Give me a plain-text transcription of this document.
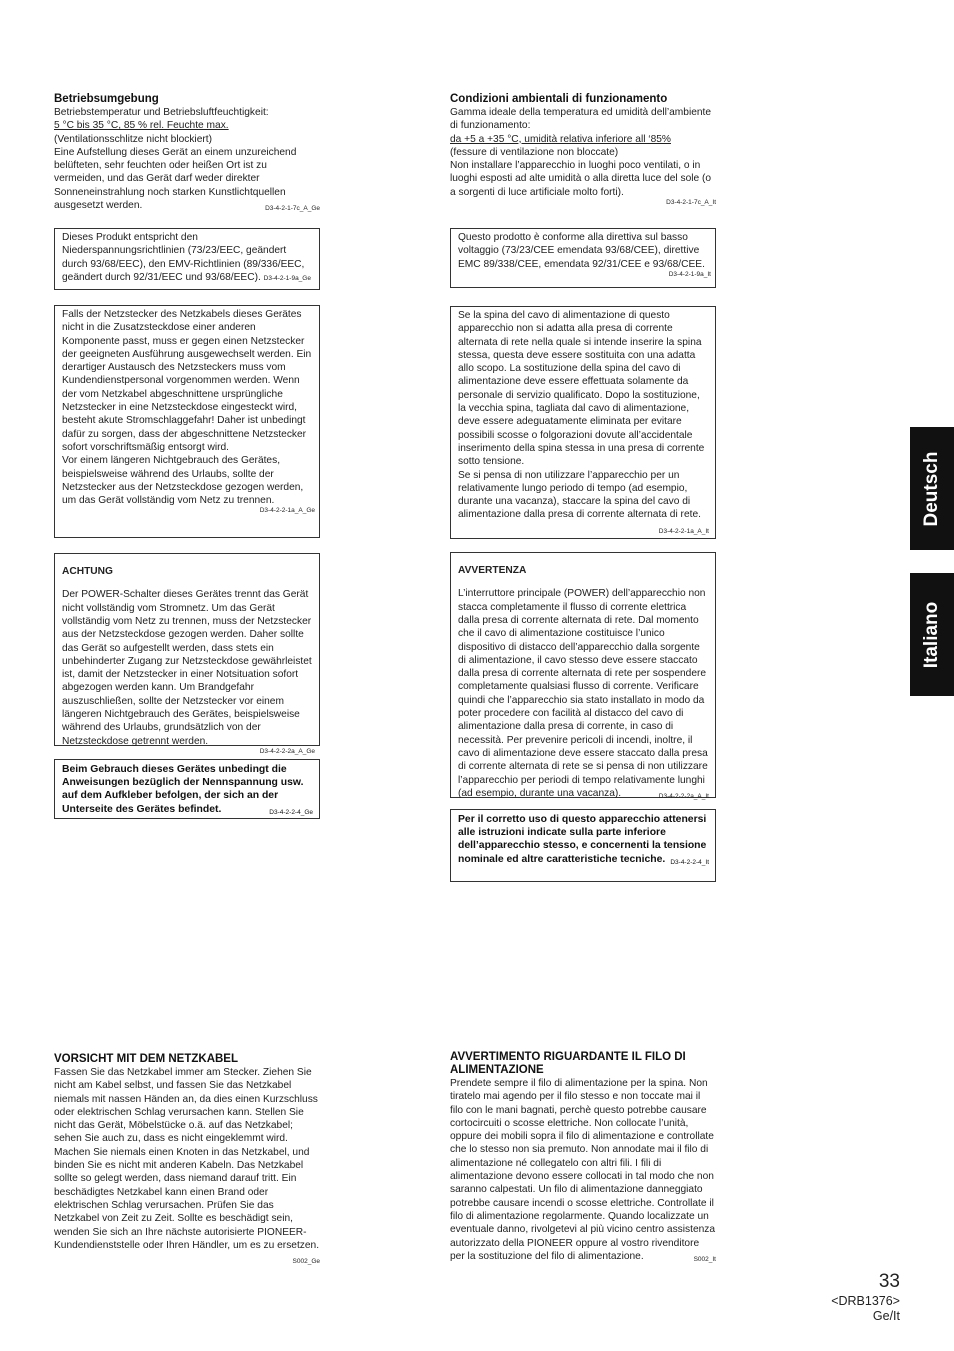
Betriebsumgebung

Betriebstemperatur und Betriebsluftfeuchtigkeit:

5 °C bis 35 °C, 85 % rel. Feuchte max.

(Ventilationsschlitze nicht blockiert)

Eine Aufstellung dieses Gerät an einem unzureichend belüfteten, sehr feuchten oder heißen Ort ist zu vermeiden, und das Gerät darf weder direkter Sonneneinstrahlung noch starken Kunstlichtquellen ausgesetzt werden.	D3-4-2-1-7c_A_Ge

Dieses Produkt entspricht den Niederspannungsrichtlinien (73/23/EEC, geändert durch 93/68/EEC), den EMV-Richtlinien (89/336/EEC, geändert durch 92/31/EEC und 93/68/EEC). D3-4-2-1-9a_Ge

Falls der Netzstecker des Netzkabels dieses Gerätes nicht in die Zusatzsteckdose einer anderen Komponente passt, muss er gegen einen Netzstecker der geeigneten Ausführung ausgewechselt werden. Ein derartiger Austausch des Netzsteckers muss vom Kundendienstpersonal vorgenommen werden. Wenn der vom Netzkabel abgeschnittene ursprüngliche Netzstecker in eine Netzsteckdose eingesteckt wird, besteht akute Stromschlaggefahr! Daher ist unbedingt dafür zu sorgen, dass der abgeschnittene Netzstecker sofort vorschriftsmäßig entsorgt wird.

Vor einem längeren Nichtgebrauch des Gerätes, beispielsweise während des Urlaubs, sollte der Netzstecker aus der Netzsteckdose gezogen werden, um das Gerät vollständig vom Netz zu trennen.

D3-4-2-2-1a_A_Ge

ACHTUNG

Der POWER-Schalter dieses Gerätes trennt das Gerät nicht vollständig vom Stromnetz. Um das Gerät vollständig vom Netz zu trennen, muss der Netzstecker aus der Netzsteckdose gezogen werden. Daher sollte das Gerät so aufgestellt werden, dass stets ein unbehinderter Zugang zur Netzsteckdose gewährleistet ist, damit der Netzstecker in einer Notsituation sofort abgezogen werden kann. Um Brandgefahr auszuschließen, sollte der Netzstecker vor einem längeren Nichtgebrauch des Gerätes, beispielsweise während des Urlaubs, grundsätzlich von der Netzsteckdose getrennt werden.

D3-4-2-2-2a_A_Ge

Beim Gebrauch dieses Gerätes unbedingt die Anweisungen bezüglich der Nennspannung usw. auf dem Aufkleber befolgen, der sich an der Unterseite des Gerätes befindet.	D3-4-2-2-4_Ge

VORSICHT MIT DEM NETZKABEL

Fassen Sie das Netzkabel immer am Stecker. Ziehen Sie nicht am Kabel selbst, und fassen Sie das Netzkabel niemals mit nassen Händen an, da dies einen Kurzschluss oder elektrischen Schlag verursachen kann. Stellen Sie nicht das Gerät, Möbelstücke o.ä. auf das Netzkabel; sehen Sie auch zu, dass es nicht eingeklemmt wird. Machen Sie niemals einen Knoten in das Netzkabel, und binden Sie es nicht mit anderen Kabeln. Das Netzkabel sollte so gelegt werden, dass niemand darauf tritt. Ein beschädigtes Netzkabel kann einen Brand oder elektrischen Schlag verursachen. Prüfen Sie das Netzkabel von Zeit zu Zeit. Sollte es beschädigt sein, wenden Sie sich an Ihre nächste autorisierte PIONEER-Kundendienststelle oder Ihren Händler, um es zu ersetzen.
S002_Ge

Condizioni ambientali di funzionamento

Gamma ideale della temperatura ed umidità dell’ambiente di funzionamento:

da +5 a +35 °C, umidità relativa inferiore all ‘85%

(fessure di ventilazione non bloccate)

Non installare l’apparecchio in luoghi poco ventilati, o in luoghi esposti ad alte umidità o alla diretta luce del sole (o a sorgenti di luce artificiale molto forti).

D3-4-2-1-7c_A_It

Questo prodotto è conforme alla direttiva sul basso voltaggio (73/23/CEE emendata 93/68/CEE), direttive EMC 89/338/CEE, emendata 92/31/CEE e 93/68/CEE.

D3-4-2-1-9a_It

Se la spina del cavo di alimentazione di questo apparecchio non si adatta alla presa di corrente alternata di rete nella quale si intende inserire la spina stessa, questa deve essere sostituita con una adatta allo scopo. La sostituzione della spina del cavo di alimentazione deve essere effettuata solamente da personale di servizio qualificato. Dopo la sostituzione, la vecchia spina, tagliata dal cavo di alimentazione, deve essere adeguatamente eliminata per evitare possibili scosse o folgorazioni dovute all’accidentale inserimento della spina stessa in una presa di corrente sotto tensione.

Se si pensa di non utilizzare l’apparecchio per un relativamente lungo periodo di tempo (ad esempio, durante una vacanza), staccare la spina del cavo di alimentazione dalla presa di corrente alternata di rete.
D3-4-2-2-1a_A_It

AVVERTENZA

L’interruttore principale (POWER) dell’apparecchio non stacca completamente il flusso di corrente elettrica dalla presa di corrente alternata di rete. Dal momento che il cavo di alimentazione costituisce l’unico dispositivo di distacco dell’apparecchio dalla sorgente di alimentazione, il cavo stesso deve essere staccato dalla presa di corrente alternata di rete per sospendere completamente qualsiasi flusso di corrente. Verificare quindi che l’apparecchio sia stato installato in modo da poter procedere con facilità al distacco del cavo di alimentazione dalla presa di corrente, in caso di necessità. Per prevenire pericoli di incendi, inoltre, il cavo di alimentazione deve essere staccato dalla presa di corrente alternata di rete se si pensa di non utilizzare l’apparecchio per periodi di tempo relativamente lunghi (ad esempio, durante una vacanza).	D3-4-2-2-2a_A_It

Per il corretto uso di questo apparecchio attenersi alle istruzioni indicate sulla parte inferiore dell’apparecchio stesso, e concernenti la tensione nominale ed altre caratteristiche tecniche. D3-4-2-2-4_It

AVVERTIMENTO RIGUARDANTE IL FILO DI ALIMENTAZIONE

Prendete sempre il filo di alimentazione per la spina. Non tiratelo mai agendo per il filo stesso e non toccate mai il filo con le mani bagnati, perchè questo potrebbe causare cortocircuiti o scosse elettriche. Non collocate l’unità, oppure dei mobili sopra il filo di alimentazione e controllate che lo stesso non sia premuto. Non annodate mai il filo di alimentazione né collegatelo con altri fili. I fili di alimentazione devono essere collocati in tal modo che non saranno calpestati. Un filo di alimentazione danneggiato potrebbe causare incendi o scosse elettriche. Controllate il filo di alimentazione regolarmente. Quando localizzate un eventuale danno, rivolgetevi al più vicino centro assistenza autorizzato della PIONEER oppure al vostro rivenditore per la sostituzione del filo di alimentazione.	S002_It

Deutsch
Italiano
33
<DRB1376>
Ge/It
